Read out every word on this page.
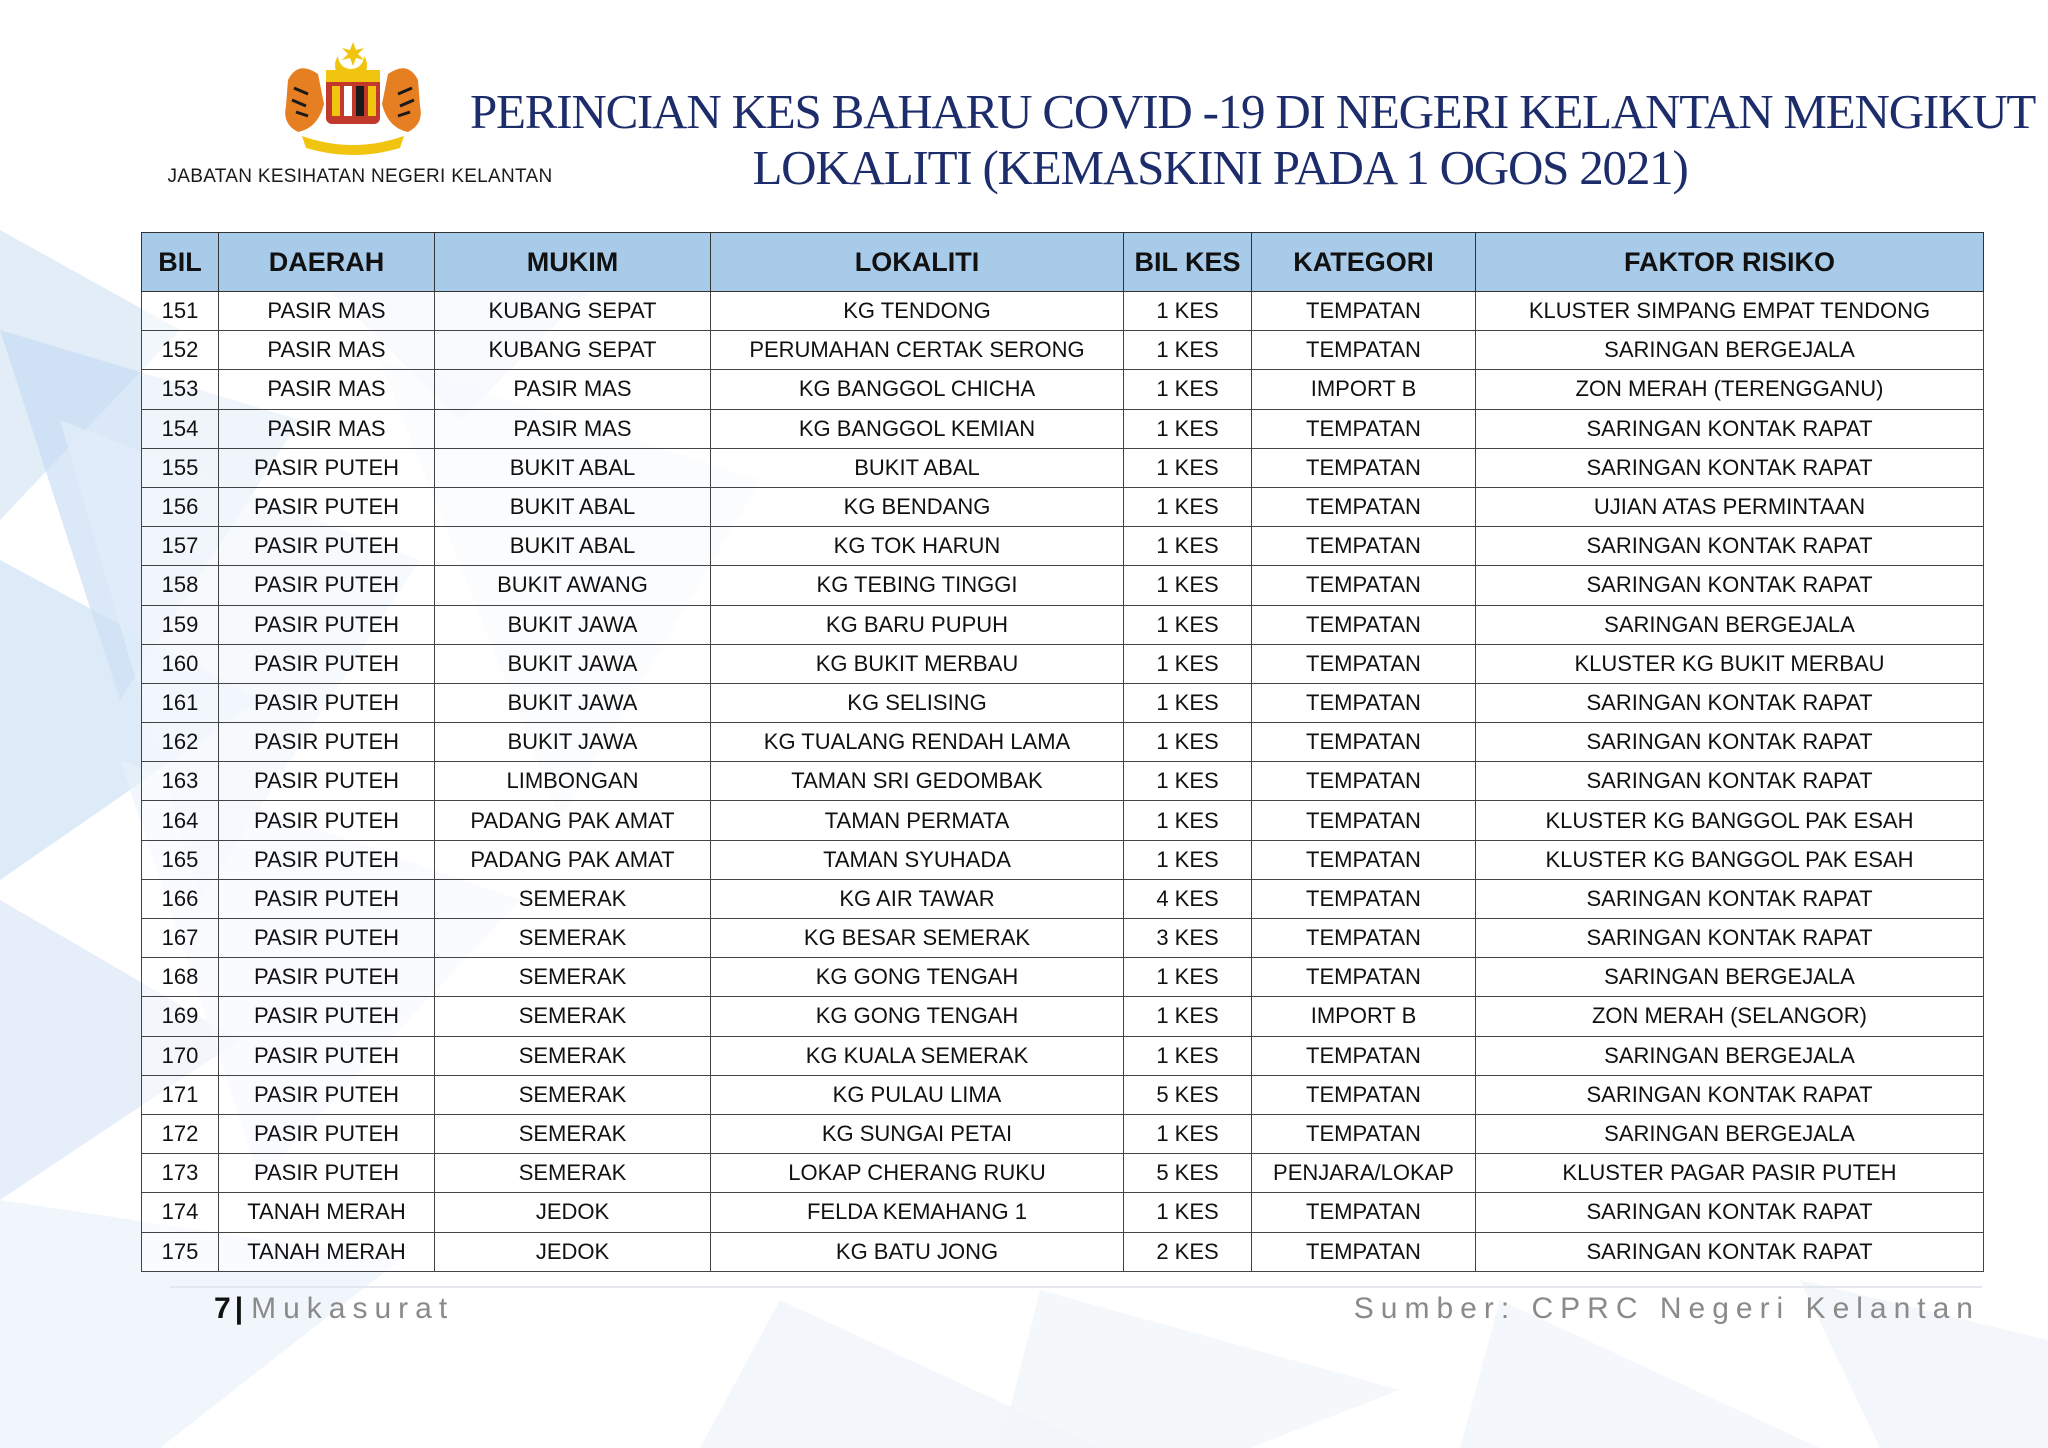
JABATAN KESIHATAN NEGERI KELANTAN
PERINCIAN KES BAHARU COVID -19 DI NEGERI KELANTAN MENGIKUT
LOKALITI (KEMASKINI PADA 1 OGOS 2021)
BIL	DAERAH	MUKIM	LOKALITI	BIL KES	KATEGORI	FAKTOR RISIKO
151	PASIR MAS	KUBANG SEPAT	KG TENDONG	1 KES	TEMPATAN	KLUSTER SIMPANG EMPAT TENDONG
152	PASIR MAS	KUBANG SEPAT	PERUMAHAN CERTAK SERONG	1 KES	TEMPATAN	SARINGAN BERGEJALA
153	PASIR MAS	PASIR MAS	KG BANGGOL CHICHA	1 KES	IMPORT B	ZON MERAH (TERENGGANU)
154	PASIR MAS	PASIR MAS	KG BANGGOL KEMIAN	1 KES	TEMPATAN	SARINGAN KONTAK RAPAT
155	PASIR PUTEH	BUKIT ABAL	BUKIT ABAL	1 KES	TEMPATAN	SARINGAN KONTAK RAPAT
156	PASIR PUTEH	BUKIT ABAL	KG BENDANG	1 KES	TEMPATAN	UJIAN ATAS PERMINTAAN
157	PASIR PUTEH	BUKIT ABAL	KG TOK HARUN	1 KES	TEMPATAN	SARINGAN KONTAK RAPAT
158	PASIR PUTEH	BUKIT AWANG	KG TEBING TINGGI	1 KES	TEMPATAN	SARINGAN KONTAK RAPAT
159	PASIR PUTEH	BUKIT JAWA	KG BARU PUPUH	1 KES	TEMPATAN	SARINGAN BERGEJALA
160	PASIR PUTEH	BUKIT JAWA	KG BUKIT MERBAU	1 KES	TEMPATAN	KLUSTER KG BUKIT MERBAU
161	PASIR PUTEH	BUKIT JAWA	KG SELISING	1 KES	TEMPATAN	SARINGAN KONTAK RAPAT
162	PASIR PUTEH	BUKIT JAWA	KG TUALANG RENDAH LAMA	1 KES	TEMPATAN	SARINGAN KONTAK RAPAT
163	PASIR PUTEH	LIMBONGAN	TAMAN SRI GEDOMBAK	1 KES	TEMPATAN	SARINGAN KONTAK RAPAT
164	PASIR PUTEH	PADANG PAK AMAT	TAMAN PERMATA	1 KES	TEMPATAN	KLUSTER KG BANGGOL PAK ESAH
165	PASIR PUTEH	PADANG PAK AMAT	TAMAN SYUHADA	1 KES	TEMPATAN	KLUSTER KG BANGGOL PAK ESAH
166	PASIR PUTEH	SEMERAK	KG AIR TAWAR	4 KES	TEMPATAN	SARINGAN KONTAK RAPAT
167	PASIR PUTEH	SEMERAK	KG BESAR SEMERAK	3 KES	TEMPATAN	SARINGAN KONTAK RAPAT
168	PASIR PUTEH	SEMERAK	KG GONG TENGAH	1 KES	TEMPATAN	SARINGAN BERGEJALA
169	PASIR PUTEH	SEMERAK	KG GONG TENGAH	1 KES	IMPORT B	ZON MERAH (SELANGOR)
170	PASIR PUTEH	SEMERAK	KG KUALA SEMERAK	1 KES	TEMPATAN	SARINGAN BERGEJALA
171	PASIR PUTEH	SEMERAK	KG PULAU LIMA	5 KES	TEMPATAN	SARINGAN KONTAK RAPAT
172	PASIR PUTEH	SEMERAK	KG SUNGAI PETAI	1 KES	TEMPATAN	SARINGAN BERGEJALA
173	PASIR PUTEH	SEMERAK	LOKAP CHERANG RUKU	5 KES	PENJARA/LOKAP	KLUSTER PAGAR PASIR PUTEH
174	TANAH MERAH	JEDOK	FELDA KEMAHANG 1	1 KES	TEMPATAN	SARINGAN KONTAK RAPAT
175	TANAH MERAH	JEDOK	KG BATU JONG	2 KES	TEMPATAN	SARINGAN KONTAK RAPAT
7 | Mukasurat	Sumber: CPRC Negeri Kelantan
